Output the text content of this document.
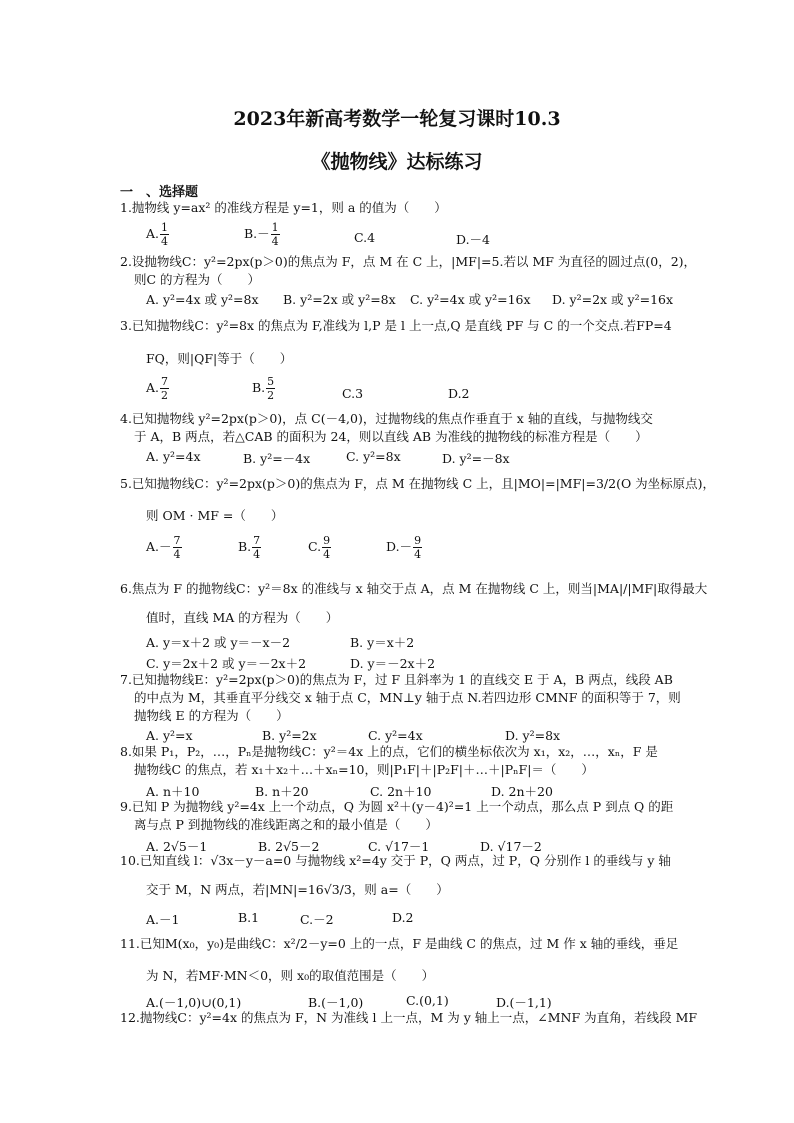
2023年新高考数学一轮复习课时10.3
《抛物线》达标练习
一　、选择题
1.抛物线 y=ax² 的准线方程是 y=1，则 a 的值为（　　）
A. $\frac{1}{4}$	$B.- \frac{1}{4}$	C.4	D.－4
2.设抛物线C：y²=2px(p＞0)的焦点为 F，点 M 在 C 上，|MF|=5.若以 MF 为直径的圆过点(0，2)，
则C 的方程为（　　）
A. y²=4x 或 y²=8x B. y²=2x 或 y²=8x C. y²=4x 或 y²=16x D. y²=2x 或 y²=16x
3.已知抛物线C：y²=8x 的焦点为 F,准线为 l,P 是 l 上一点,Q 是直线 PF 与 C 的一个交点.若FP=4
FQ，则|QF|等于（　　）
A. $\frac{7}{2}$	B. $\frac{5}{2}$	C.3	D.2
4.已知抛物线 y²=2px(p＞0)，点 C(－4,0)，过抛物线的焦点作垂直于 x 轴的直线，与抛物线交
于 A，B 两点，若△CAB 的面积为 24，则以直线 AB 为准线的抛物线的标准方程是（　　）
A. y²=4x	B. y²=－4x	C. y²=8x	D. y²=－8x
5.已知抛物线C：y²=2px(p＞0)的焦点为 F，点 M 在抛物线 C 上，且|MO|=|MF|=3/2(O 为坐标原点)，
则 OM · MF =（　　）
$A.- \frac{7}{4}$	B. $\frac{7}{4}$	C. $\frac{9}{4}$	$D.- \frac{9}{4}$
6.焦点为 F 的抛物线C：y²＝8x 的准线与 x 轴交于点 A，点 M 在抛物线 C 上，则当|MA|/|MF|取得最大
值时，直线 MA 的方程为（　　）
A. y＝x＋2 或 y＝－x－2	B. y＝x＋2
C. y＝2x＋2 或 y＝－2x＋2	D. y＝－2x＋2
7.已知抛物线E：y²=2px(p＞0)的焦点为 F，过 F 且斜率为 1 的直线交 E 于 A，B 两点，线段 AB
的中点为 M，其垂直平分线交 x 轴于点 C，MN⊥y 轴于点 N.若四边形 CMNF 的面积等于 7，则
抛物线 E 的方程为（　　）
A. y²=x	B. y²=2x	C. y²=4x	D. y²=8x
8.如果 P₁，P₂，…，Pₙ是抛物线C：y²＝4x 上的点，它们的横坐标依次为 x₁，x₂，…，xₙ，F 是
抛物线C 的焦点，若 x₁＋x₂＋…＋xₙ=10，则|P₁F|＋|P₂F|＋…＋|PₙF|＝（　　）
A. n＋10	B. n＋20	C. 2n＋10	D. 2n＋20
9.已知 P 为抛物线 y²=4x 上一个动点，Q 为圆 x²＋(y－4)²=1 上一个动点，那么点 P 到点 Q 的距
离与点 P 到抛物线的准线距离之和的最小值是（　　）
A. 2√5－1	B. 2√5－2	C. √17－1	D. √17－2
10.已知直线 l：√3x－y－a=0 与抛物线 x²=4y 交于 P，Q 两点，过 P，Q 分别作 l 的垂线与 y 轴
交于 M，N 两点，若|MN|=16√3/3，则 a=（　　）
A.－1	B.1	C.－2	D.2
11.已知M(x₀，y₀)是曲线C：x²/2－y=0 上的一点，F 是曲线 C 的焦点，过 M 作 x 轴的垂线，垂足
为 N，若MF·MN＜0，则 x₀的取值范围是（　　）
A.(－1,0)∪(0,1)	B.(－1,0)	C.(0,1)	D.(－1,1)
12.抛物线C：y²=4x 的焦点为 F，N 为准线 l 上一点，M 为 y 轴上一点，∠MNF 为直角，若线段 MF
